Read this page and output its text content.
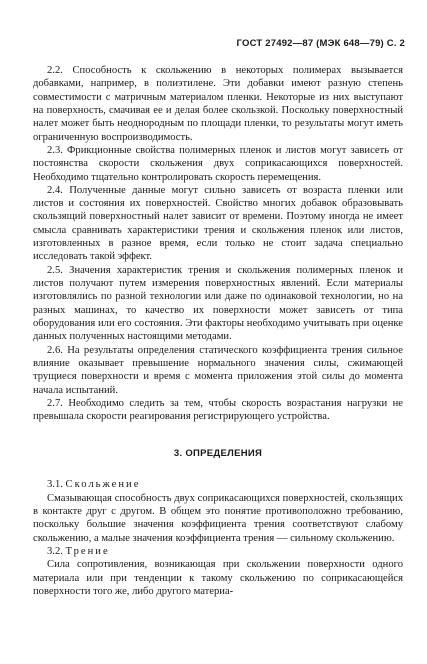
ГОСТ 27492—87 (МЭК 648—79) С. 2

2.2. Способность к скольжению в некоторых полимерах вызывается добавками, например, в полиэтилене. Эти добавки имеют разную степень совместимости с матричным материалом пленки. Некоторые из них выступают на поверхность, смачивая ее и делая более скользкой. Поскольку поверхностный налет может быть неоднородным по площади пленки, то результаты могут иметь ограниченную воспроизводимость.

2.3. Фрикционные свойства полимерных пленок и листов могут зависеть от постоянства скорости скольжения двух соприкасающихся поверхностей. Необходимо тщательно контролировать скорость перемещения.

2.4. Полученные данные могут сильно зависеть от возраста пленки или листов и состояния их поверхностей. Свойство многих добавок образовывать скользящий поверхностный налет зависит от времени. Поэтому иногда не имеет смысла сравнивать характеристики трения и скольжения пленок или листов, изготовленных в разное время, если только не стоит задача специально исследовать такой эффект.

2.5. Значения характеристик трения и скольжения полимерных пленок и листов получают путем измерения поверхностных явлений. Если материалы изготовлялись по разной технологии или даже по одинаковой технологии, но на разных машинах, то качество их поверхности может зависеть от типа оборудования или его состояния. Эти факторы необходимо учитывать при оценке данных полученных настоящими методами.

2.6. На результаты определения статического коэффициента трения сильное влияние оказывает превышение нормального значения силы, сжимающей трущиеся поверхности и время с момента приложения этой силы до момента начала испытаний.

2.7. Необходимо следить за тем, чтобы скорость возрастания нагрузки не превышала скорости реагирования регистрирующего устройства.

3. ОПРЕДЕЛЕНИЯ
3.1. Скольжение

Смазывающая способность двух соприкасающихся поверхностей, скользящих в контакте друг с другом. В общем это понятие противоположно требованию, поскольку большие значения коэффициента трения соответствуют слабому скольжению, а малые значения коэффициента трения — сильному скольжению.

3.2. Трение

Сила сопротивления, возникающая при скольжении поверхности одного материала или при тенденции к такому скольжению по соприкасающейся поверхности того же, либо другого материа-
